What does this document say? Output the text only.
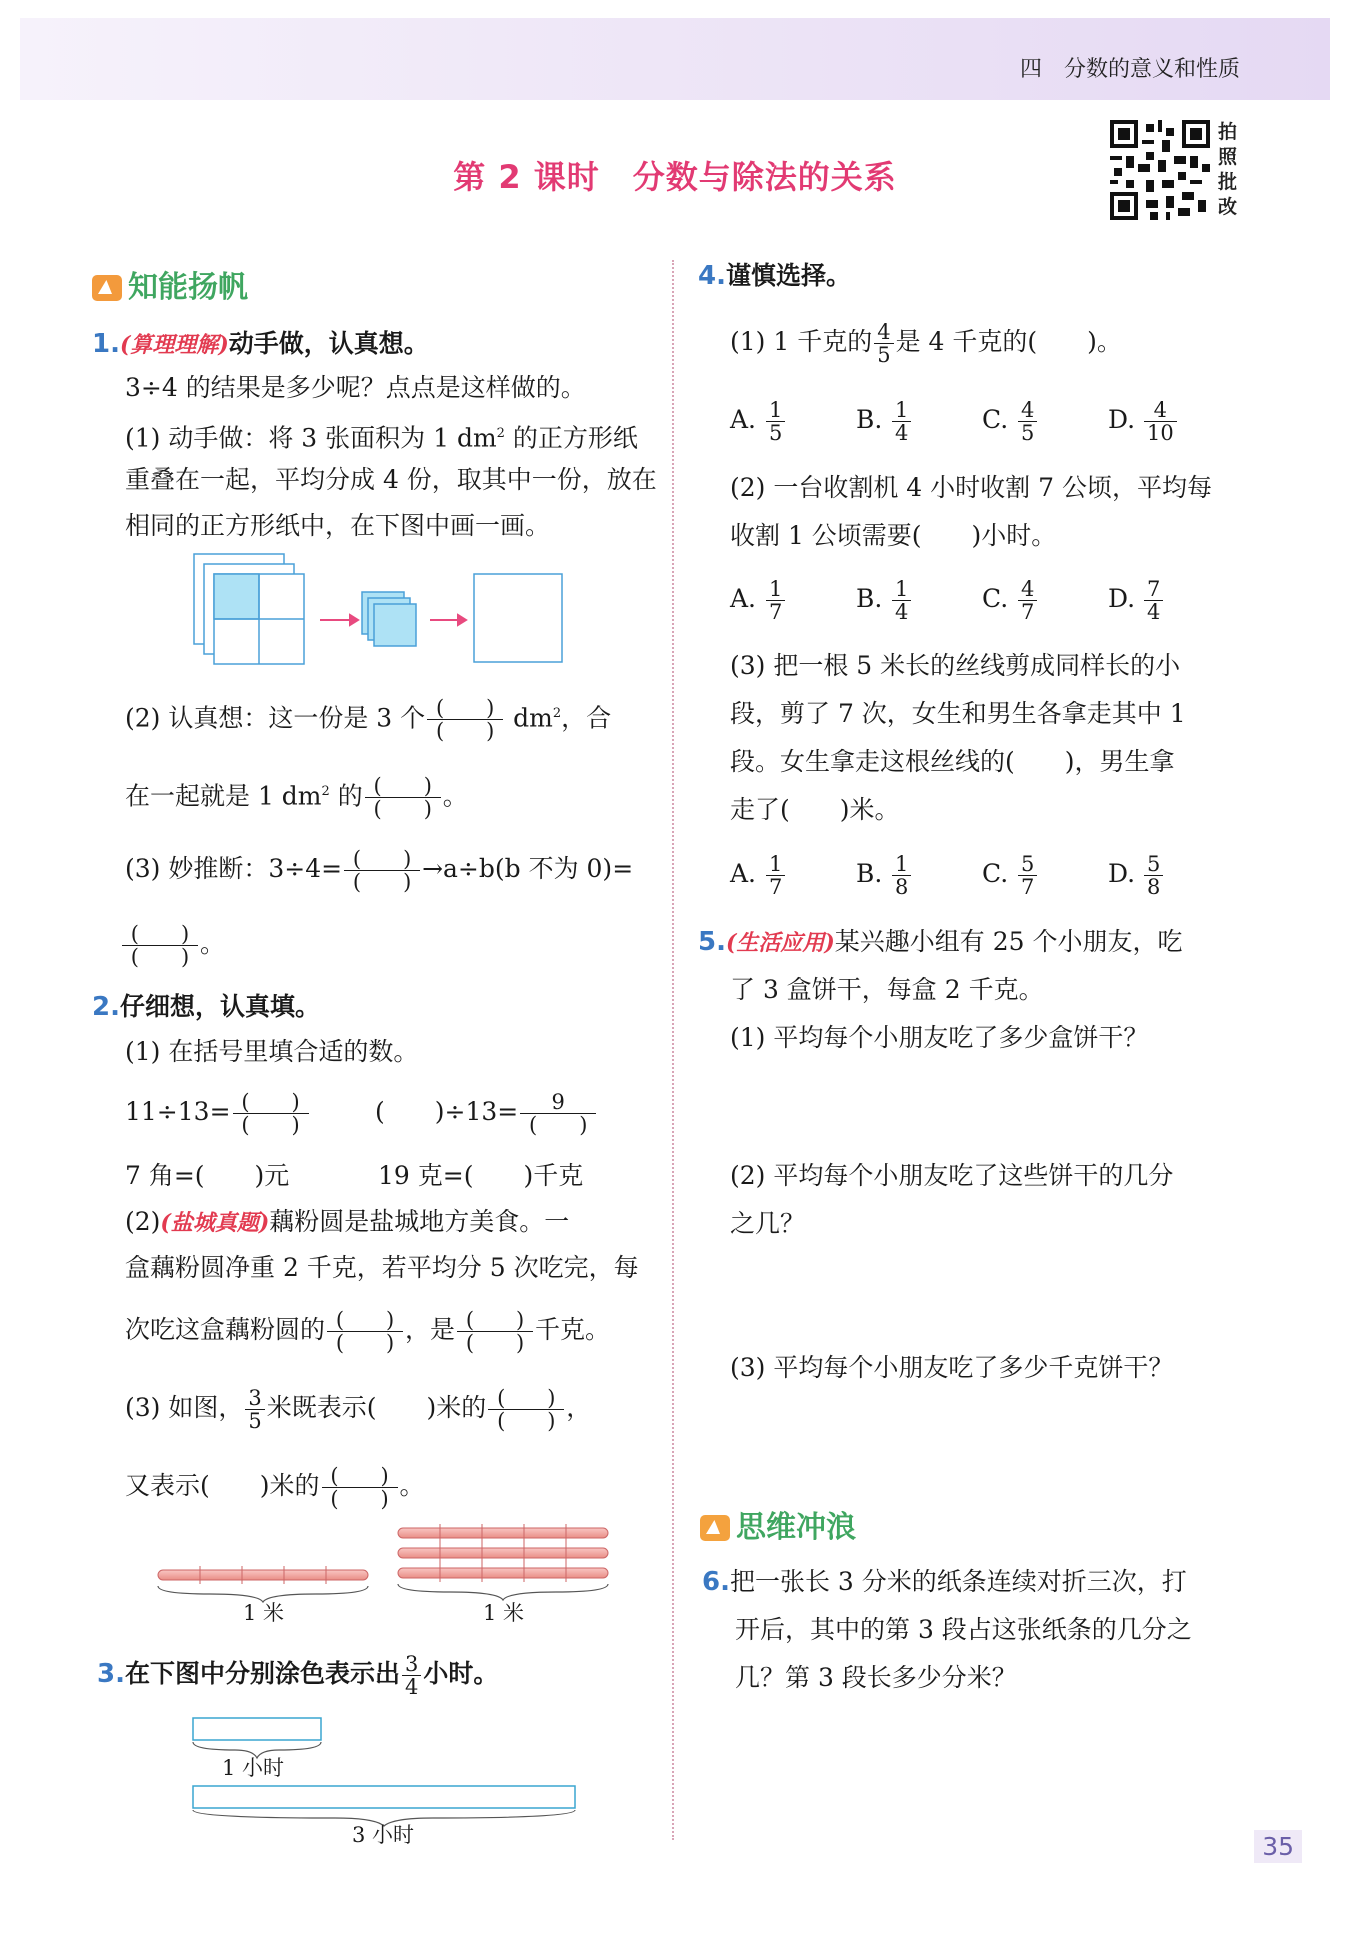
四　分数的意义和性质
第 2 课时　分数与除法的关系
拍照批改
知能扬帆
1.(算理理解)动手做，认真想。
3÷4 的结果是多少呢？点点是这样做的。
(1) 动手做：将 3 张面积为 1 $dm^2$ 的正方形纸
重叠在一起，平均分成 4 份，取其中一份，放在
相同的正方形纸中，在下图中画一画。
(2) 认真想：这一份是 3 个 $\frac{( )}{( )} dm^2$，合
在一起就是 1 $dm^2$ 的 $\frac{( )}{( )}$ 。
(3) 妙推断：$3\div 4= \frac{( )}{( )} \to a\div b(b$ 不为 0)=
$\frac{( )}{( )}$ 。
2.仔细想，认真填。
(1) 在括号里填合适的数。
$11\div 13= \frac{( )}{( )}$	(　　)$\div 13= \frac{9}{( )}$
7 角=(　　)元	19 克=(　　)千克
(2)(盐城真题)藕粉圆是盐城地方美食。一
盒藕粉圆净重 2 千克，若平均分 5 次吃完，每
次吃这盒藕粉圆的 $\frac{( )}{( )}$ ，是 $\frac{( )}{( )}$ 千克。
(3) 如图， $\frac{3}{5}$ 米既表示(　　)米的 $\frac{( )}{( )}$ ，
又表示(　　)米的 $\frac{( )}{( )}$ 。
1 米	1 米
3.在下图中分别涂色表示出 $\frac{3}{4}$ 小时。
1 小时
3 小时
4.谨慎选择。
(1) 1 千克的 $\frac{4}{5}$ 是 4 千克的(　　)。
A. $\frac{1}{5}$	B. $\frac{1}{4}$	C. $\frac{4}{5}$	D. $\frac{4}{10}$
(2) 一台收割机 4 小时收割 7 公顷，平均每
收割 1 公顷需要(　　)小时。
A. $\frac{1}{7}$	B. $\frac{1}{4}$	C. $\frac{4}{7}$	D. $\frac{7}{4}$
(3) 把一根 5 米长的丝线剪成同样长的小
段，剪了 7 次，女生和男生各拿走其中 1
段。女生拿走这根丝线的(　　)，男生拿
走了(　　)米。
A. $\frac{1}{7}$	B. $\frac{1}{8}$	C. $\frac{5}{7}$	D. $\frac{5}{8}$
5.(生活应用)某兴趣小组有 25 个小朋友，吃
了 3 盒饼干，每盒 2 千克。
(1) 平均每个小朋友吃了多少盒饼干？
(2) 平均每个小朋友吃了这些饼干的几分
之几？
(3) 平均每个小朋友吃了多少千克饼干？
思维冲浪
6.把一张长 3 分米的纸条连续对折三次，打
开后，其中的第 3 段占这张纸条的几分之
几？第 3 段长多少分米？
35
